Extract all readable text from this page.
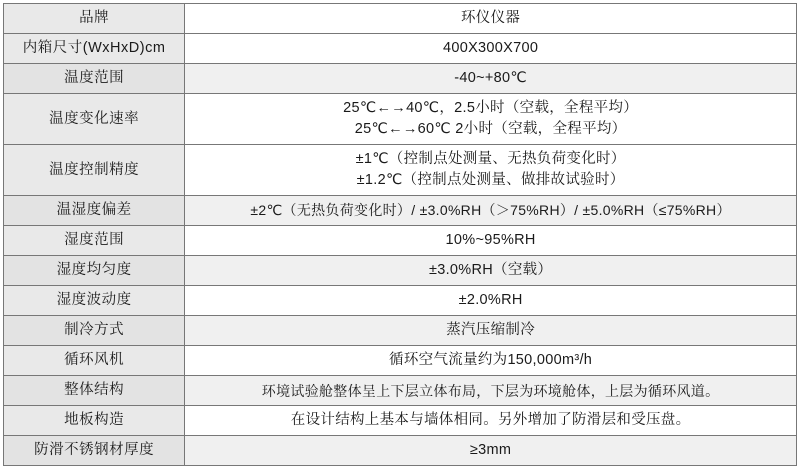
品牌	环仪仪器

内箱尺寸(WxHxD)cm	400X300X700

温度范围	-40~+80℃

温度变化速率	25℃←→40℃，2.5小时（空载，全程平均）
25℃←→60℃ 2小时（空载，全程平均）

温度控制精度	±1℃（控制点处测量、无热负荷变化时）
±1.2℃（控制点处测量、做排故试验时）

温湿度偏差	±2℃（无热负荷变化时）/ ±3.0%RH（＞75%RH）/ ±5.0%RH（≤75%RH）

湿度范围	10%~95%RH

湿度均匀度	±3.0%RH（空载）

湿度波动度	±2.0%RH

制冷方式	蒸汽压缩制冷

循环风机	循环空气流量约为150,000m³/h

整体结构	环境试验舱整体呈上下层立体布局，下层为环境舱体，上层为循环风道。

地板构造	在设计结构上基本与墙体相同。另外增加了防滑层和受压盘。

防滑不锈钢材厚度	≥3mm
